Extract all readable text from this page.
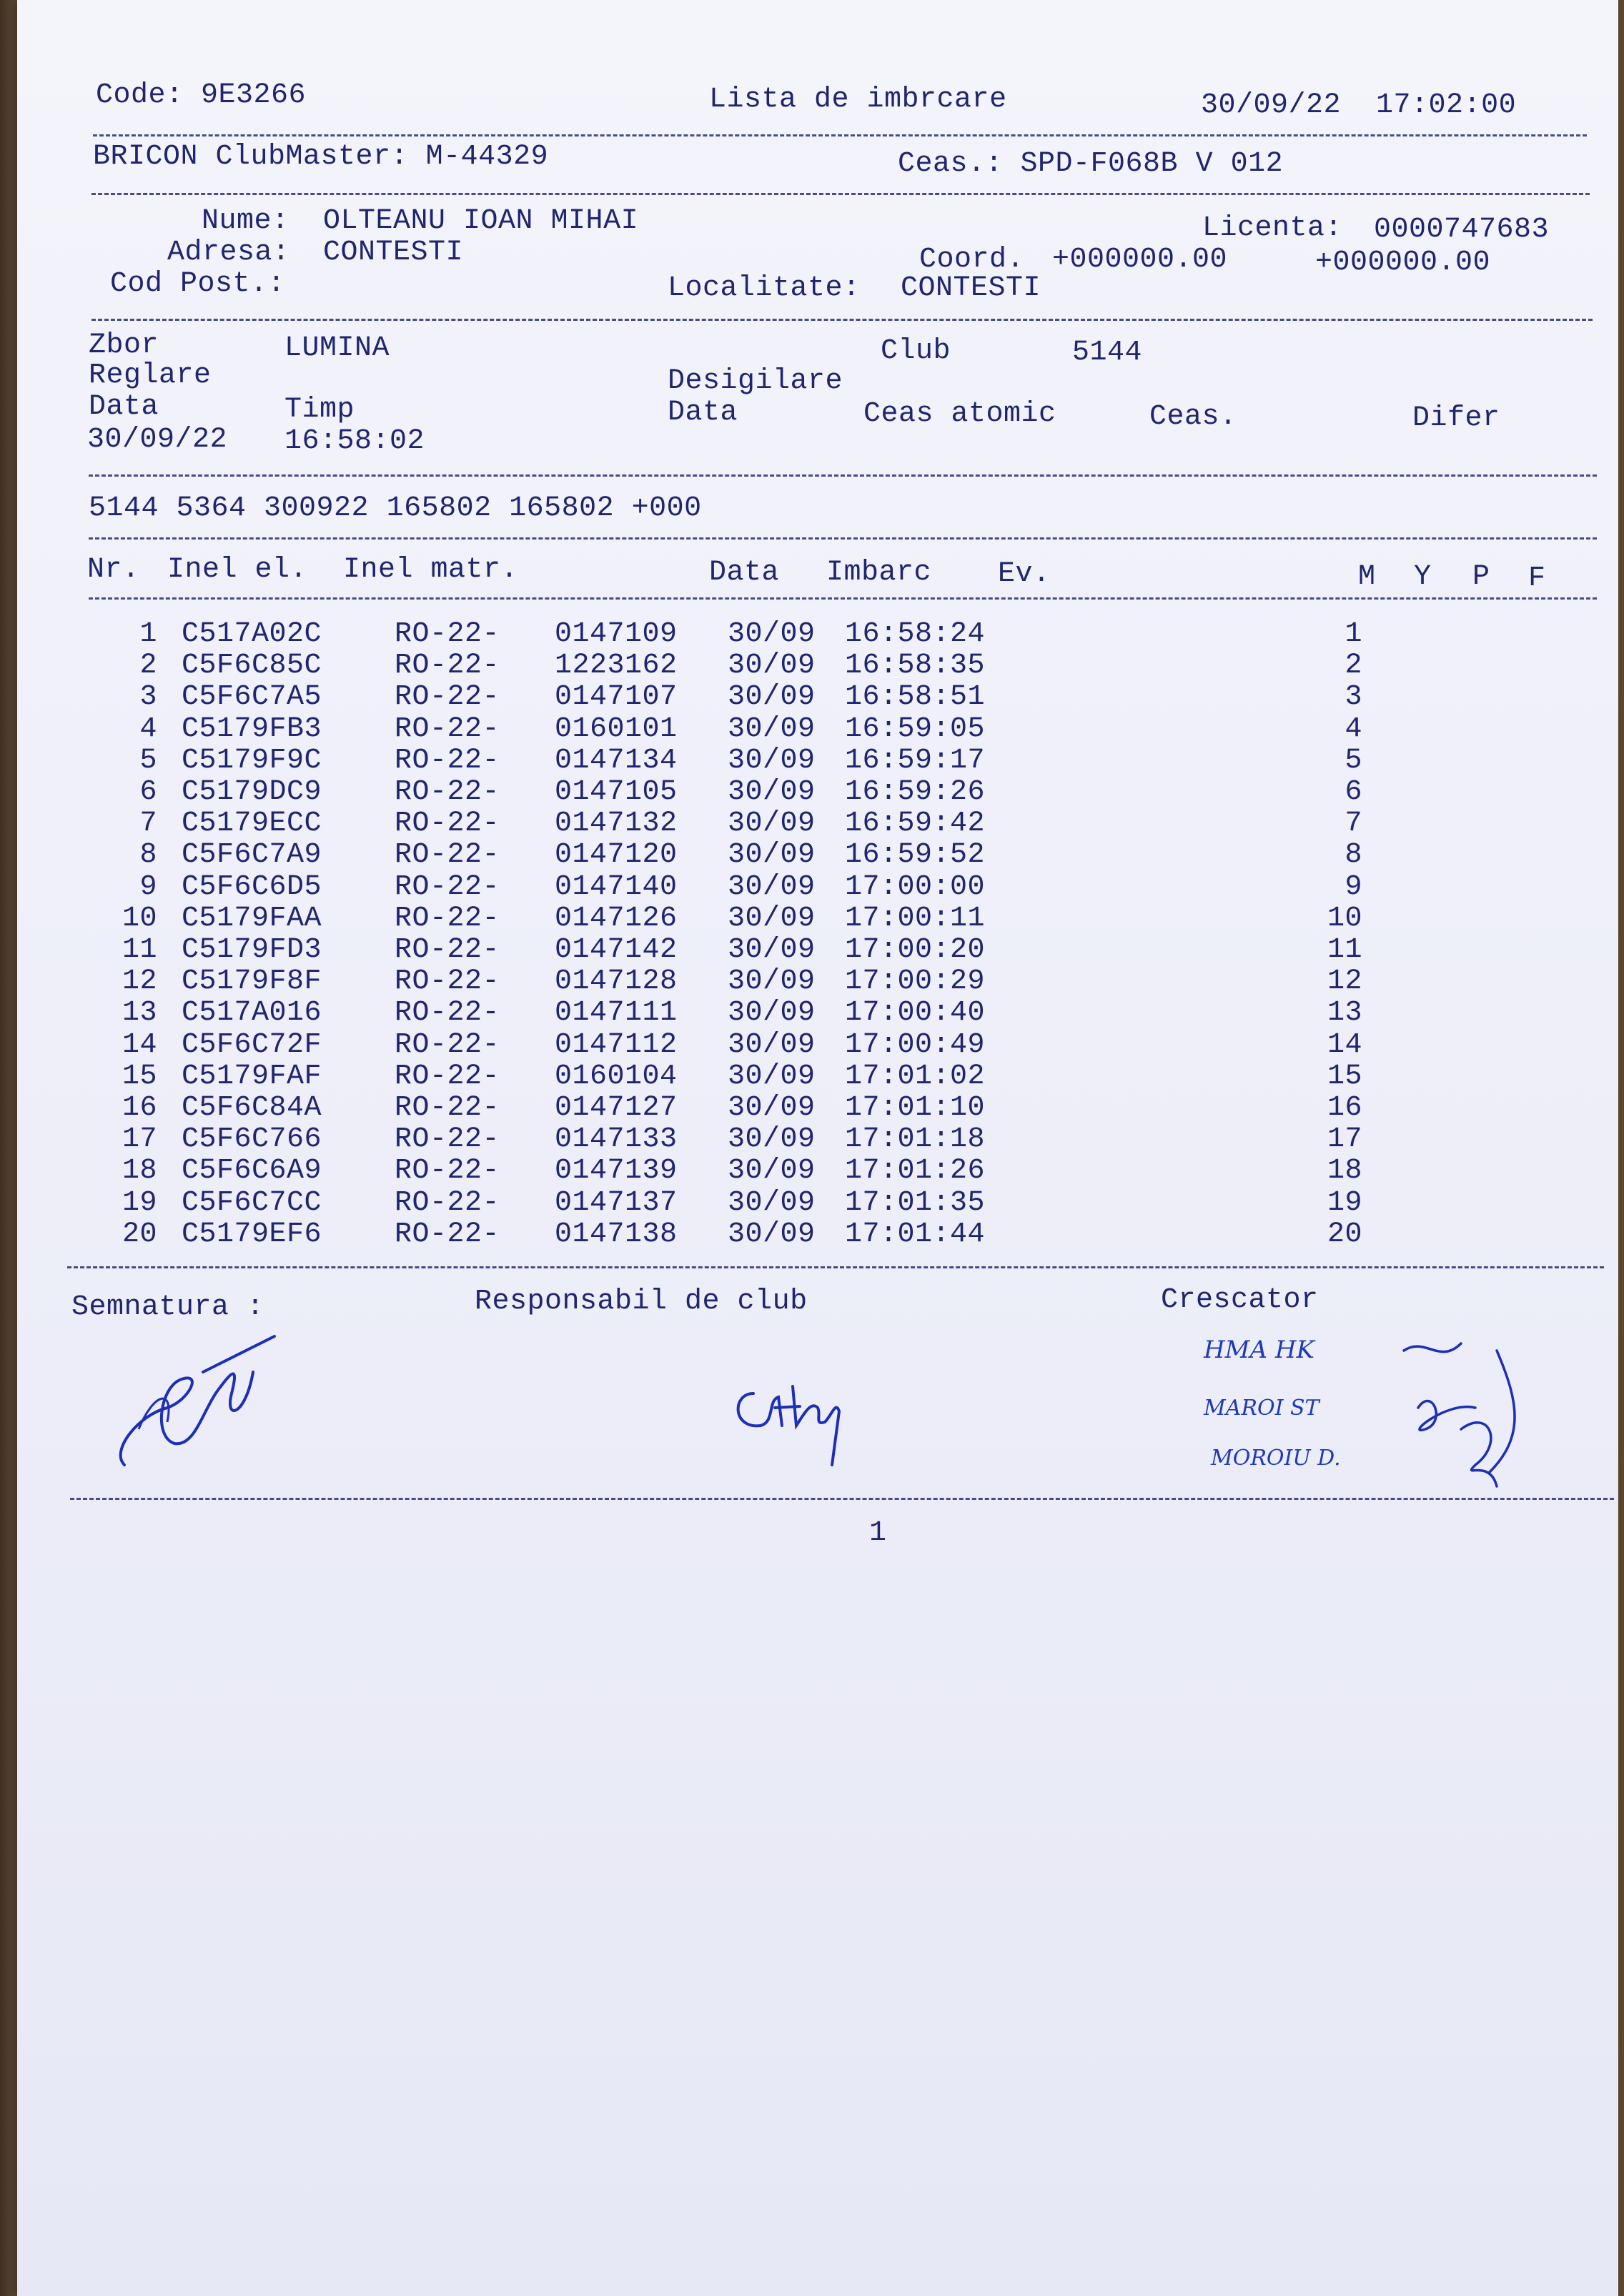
Code: 9E3266	Lista de imbrcare	30/09/22  17:02:00
BRICON ClubMaster: M-44329	Ceas.: SPD-F068B V 012
Nume: OLTEANU IOAN MIHAI	Licenta: 0000747683
Adresa: CONTESTI	Coord. +000000.00	+000000.00
Cod Post.:	Localitate: CONTESTI
Zbor	LUMINA	Club	5144
Reglare	Desigilare
Data	Timp	Data	Ceas atomic	Ceas.	Difer
30/09/22 16:58:02
5144 5364 300922 165802 165802 +000
Nr. Inel el. Inel matr.	Data Imbarc Ev.	M Y P F
1 C517A02C	RO-22- 0147109 30/09 16:58:24	1
2 C5F6C85C	RO-22- 1223162 30/09 16:58:35	2
3 C5F6C7A5	RO-22- 0147107 30/09 16:58:51	3
4 C5179FB3	RO-22- 0160101 30/09 16:59:05	4
5 C5179F9C	RO-22- 0147134 30/09 16:59:17	5
6 C5179DC9	RO-22- 0147105 30/09 16:59:26	6
7 C5179ECC	RO-22- 0147132 30/09 16:59:42	7
8 C5F6C7A9	RO-22- 0147120 30/09 16:59:52	8
9 C5F6C6D5	RO-22- 0147140 30/09 17:00:00	9
10 C5179FAA	RO-22- 0147126 30/09 17:00:11	10
11 C5179FD3	RO-22- 0147142 30/09 17:00:20	11
12 C5179F8F	RO-22- 0147128 30/09 17:00:29	12
13 C517A016	RO-22- 0147111 30/09 17:00:40	13
14 C5F6C72F	RO-22- 0147112 30/09 17:00:49	14
15 C5179FAF	RO-22- 0160104 30/09 17:01:02	15
16 C5F6C84A	RO-22- 0147127 30/09 17:01:10	16
17 C5F6C766	RO-22- 0147133 30/09 17:01:18	17
18 C5F6C6A9	RO-22- 0147139 30/09 17:01:26	18
19 C5F6C7CC	RO-22- 0147137 30/09 17:01:35	19
20 C5179EF6	RO-22- 0147138 30/09 17:01:44	20
Semnatura :	Responsabil de club	Crescator
HMA HK
MAROI ST
MOROIU D.
1
